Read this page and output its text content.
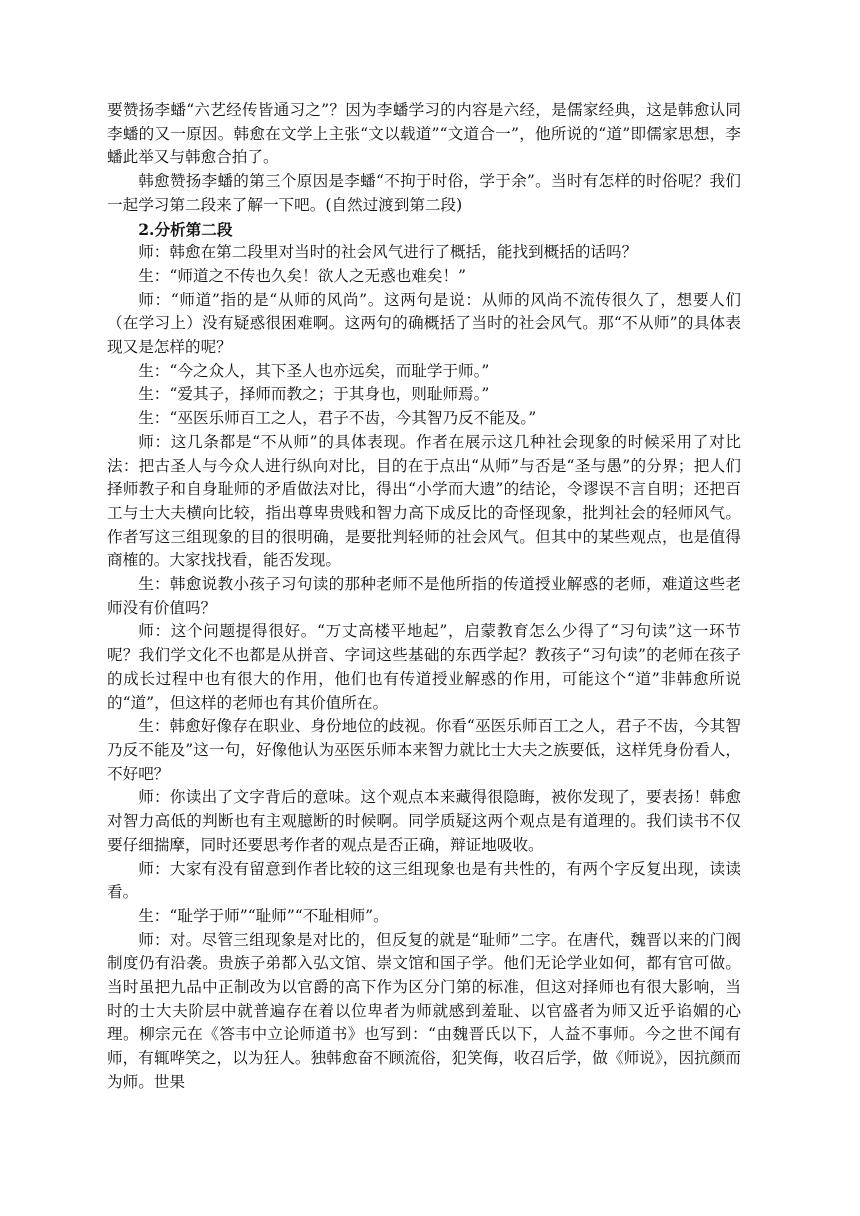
要赞扬李蟠“六艺经传皆通习之”？因为李蟠学习的内容是六经，是儒家经典，这是韩愈认同李蟠的又一原因。韩愈在文学上主张“文以载道”“文道合一”，他所说的“道”即儒家思想，李蟠此举又与韩愈合拍了。

韩愈赞扬李蟠的第三个原因是李蟠“不拘于时俗，学于余”。当时有怎样的时俗呢？我们一起学习第二段来了解一下吧。(自然过渡到第二段)

2.分析第二段

师：韩愈在第二段里对当时的社会风气进行了概括，能找到概括的话吗？

生：“师道之不传也久矣！欲人之无惑也难矣！”

师：“师道”指的是“从师的风尚”。这两句是说：从师的风尚不流传很久了，想要人们（在学习上）没有疑惑很困难啊。这两句的确概括了当时的社会风气。那“不从师”的具体表现又是怎样的呢？

生：“今之众人，其下圣人也亦远矣，而耻学于师。”

生：“爱其子，择师而教之；于其身也，则耻师焉。”

生：“巫医乐师百工之人，君子不齿，今其智乃反不能及。”

师：这几条都是“不从师”的具体表现。作者在展示这几种社会现象的时候采用了对比法：把古圣人与今众人进行纵向对比，目的在于点出“从师”与否是“圣与愚”的分界；把人们择师教子和自身耻师的矛盾做法对比，得出“小学而大遗”的结论，令谬误不言自明；还把百工与士大夫横向比较，指出尊卑贵贱和智力高下成反比的奇怪现象，批判社会的轻师风气。作者写这三组现象的目的很明确，是要批判轻师的社会风气。但其中的某些观点，也是值得商榷的。大家找找看，能否发现。

生：韩愈说教小孩子习句读的那种老师不是他所指的传道授业解惑的老师，难道这些老师没有价值吗？

师：这个问题提得很好。“万丈高楼平地起”，启蒙教育怎么少得了“习句读”这一环节呢？我们学文化不也都是从拼音、字词这些基础的东西学起？教孩子“习句读”的老师在孩子的成长过程中也有很大的作用，他们也有传道授业解惑的作用，可能这个“道”非韩愈所说的“道”，但这样的老师也有其价值所在。

生：韩愈好像存在职业、身份地位的歧视。你看“巫医乐师百工之人，君子不齿，今其智乃反不能及”这一句，好像他认为巫医乐师本来智力就比士大夫之族要低，这样凭身份看人，不好吧？

师：你读出了文字背后的意味。这个观点本来藏得很隐晦，被你发现了，要表扬！韩愈对智力高低的判断也有主观臆断的时候啊。同学质疑这两个观点是有道理的。我们读书不仅要仔细揣摩，同时还要思考作者的观点是否正确，辩证地吸收。

师：大家有没有留意到作者比较的这三组现象也是有共性的，有两个字反复出现，读读看。

生：“耻学于师”“耻师”“不耻相师”。

师：对。尽管三组现象是对比的，但反复的就是“耻师”二字。在唐代，魏晋以来的门阀制度仍有沿袭。贵族子弟都入弘文馆、崇文馆和国子学。他们无论学业如何，都有官可做。当时虽把九品中正制改为以官爵的高下作为区分门第的标准，但这对择师也有很大影响，当时的士大夫阶层中就普遍存在着以位卑者为师就感到羞耻、以官盛者为师又近乎谄媚的心理。柳宗元在《答韦中立论师道书》也写到：“由魏晋氏以下，人益不事师。今之世不闻有师，有辄哗笑之，以为狂人。独韩愈奋不顾流俗，犯笑侮，收召后学，做《师说》，因抗颜而为师。世果
